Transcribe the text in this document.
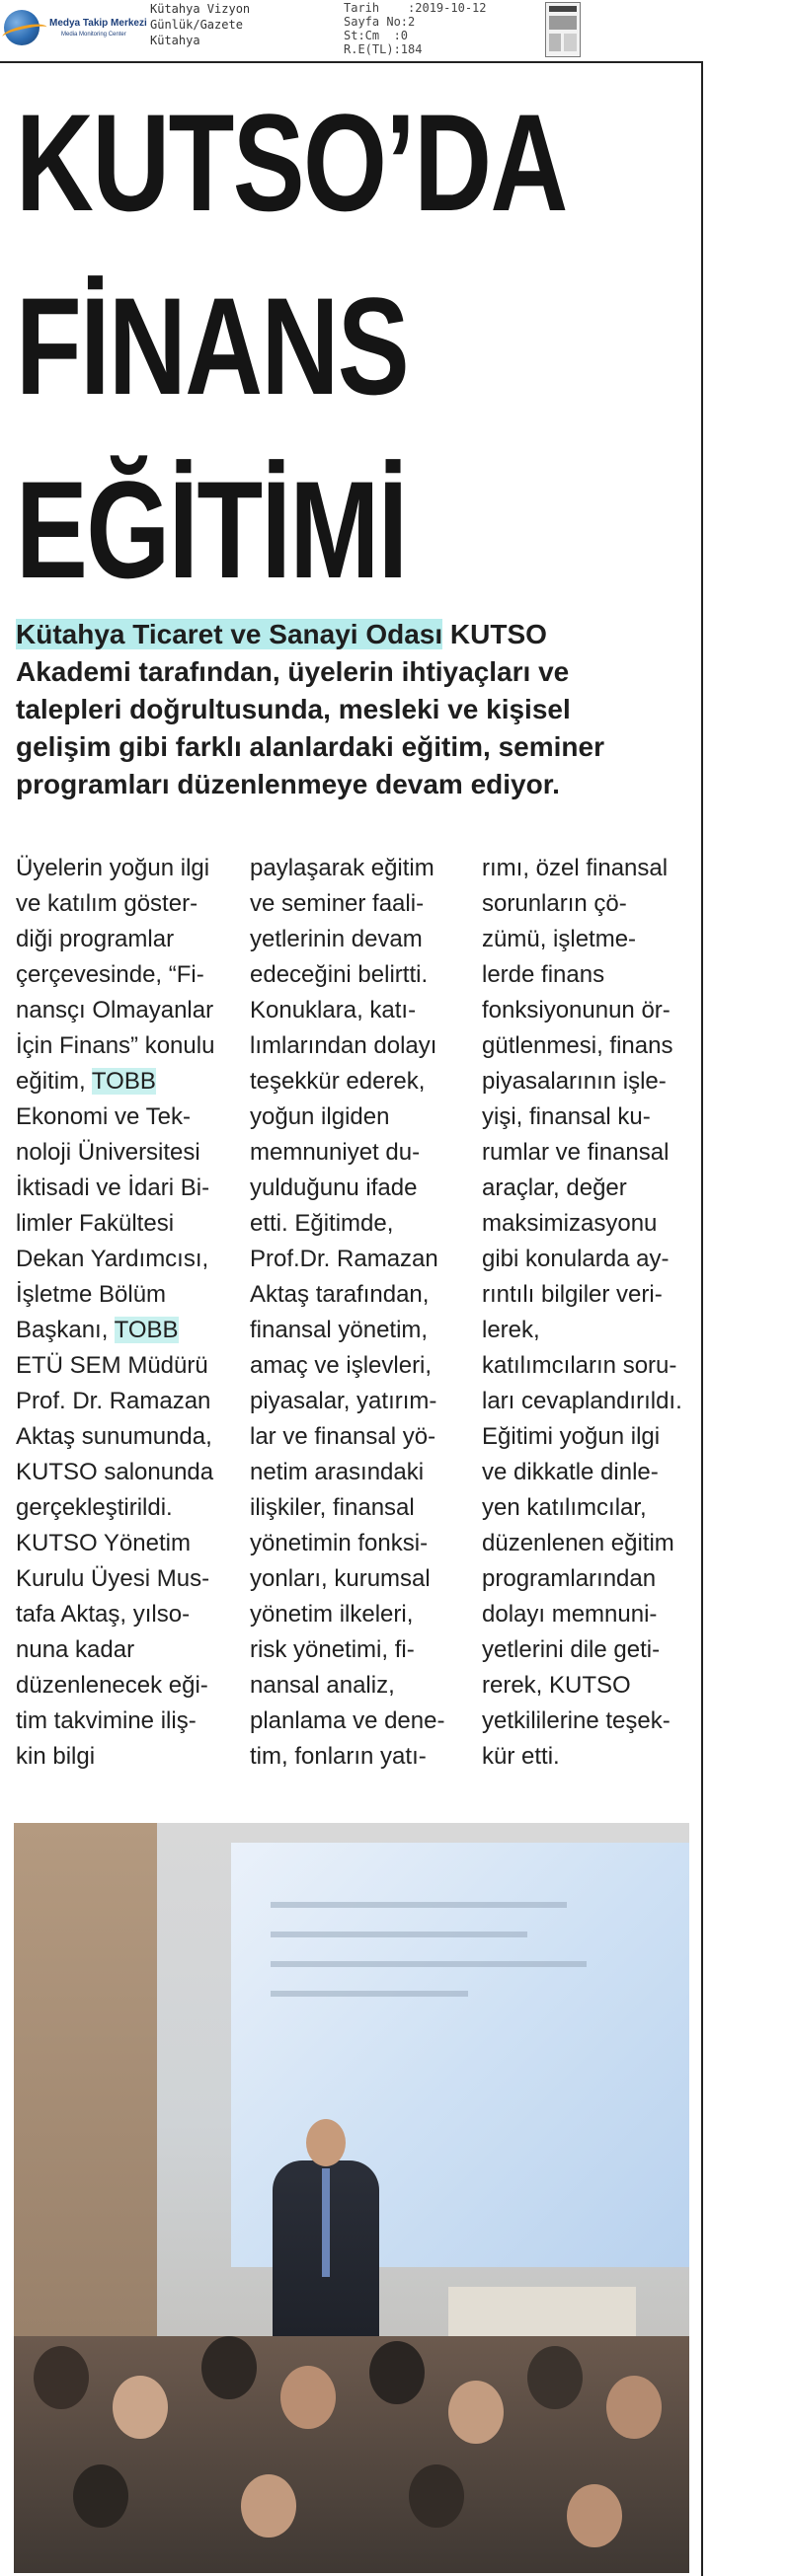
Medya Takip Merkezi
Media Monitoring Center
Kütahya Vizyon
Günlük/Gazete
Kütahya
Tarih :2019-10-12
Sayfa No:2
St:Cm :0
R.E(TL):184
KUTSO’DA
FİNANS
EĞİTİMİ
Kütahya Ticaret ve Sanayi Odası KUTSO Akademi tarafından, üyelerin ihtiyaçları ve talepleri doğrultusunda, mesleki ve kişisel gelişim gibi farklı alanlardaki eğitim, seminer programları düzenlenmeye devam ediyor.
Üyelerin yoğun ilgi
ve katılım göster-
diği programlar
çerçevesinde, “Fi-
nansçı Olmayanlar
İçin Finans” konulu
eğitim, TOBB
Ekonomi ve Tek-
noloji Üniversitesi
İktisadi ve İdari Bi-
limler Fakültesi
Dekan Yardımcısı,
İşletme Bölüm
Başkanı, TOBB
ETÜ SEM Müdürü
Prof. Dr. Ramazan
Aktaş sunumunda,
KUTSO salonunda
gerçekleştirildi.
KUTSO Yönetim
Kurulu Üyesi Mus-
tafa Aktaş, yılso-
nuna kadar
düzenlenecek eği-
tim takvimine iliş-
kin bilgi
paylaşarak eğitim
ve seminer faali-
yetlerinin devam
edeceğini belirtti.
Konuklara, katı-
lımlarından dolayı
teşekkür ederek,
yoğun ilgiden
memnuniyet du-
yulduğunu ifade
etti. Eğitimde,
Prof.Dr. Ramazan
Aktaş tarafından,
finansal yönetim,
amaç ve işlevleri,
piyasalar, yatırım-
lar ve finansal yö-
netim arasındaki
ilişkiler, finansal
yönetimin fonksi-
yonları, kurumsal
yönetim ilkeleri,
risk yönetimi, fi-
nansal analiz,
planlama ve dene-
tim, fonların yatı-
rımı, özel finansal
sorunların çö-
zümü, işletme-
lerde finans
fonksiyonunun ör-
gütlenmesi, finans
piyasalarının işle-
yişi, finansal ku-
rumlar ve finansal
araçlar, değer
maksimizasyonu
gibi konularda ay-
rıntılı bilgiler veri-
lerek,
katılımcıların soru-
ları cevaplandırıldı.
Eğitimi yoğun ilgi
ve dikkatle dinle-
yen katılımcılar,
düzenlenen eğitim
programlarından
dolayı memnuni-
yetlerini dile geti-
rerek, KUTSO
yetkililerine teşek-
kür etti.
